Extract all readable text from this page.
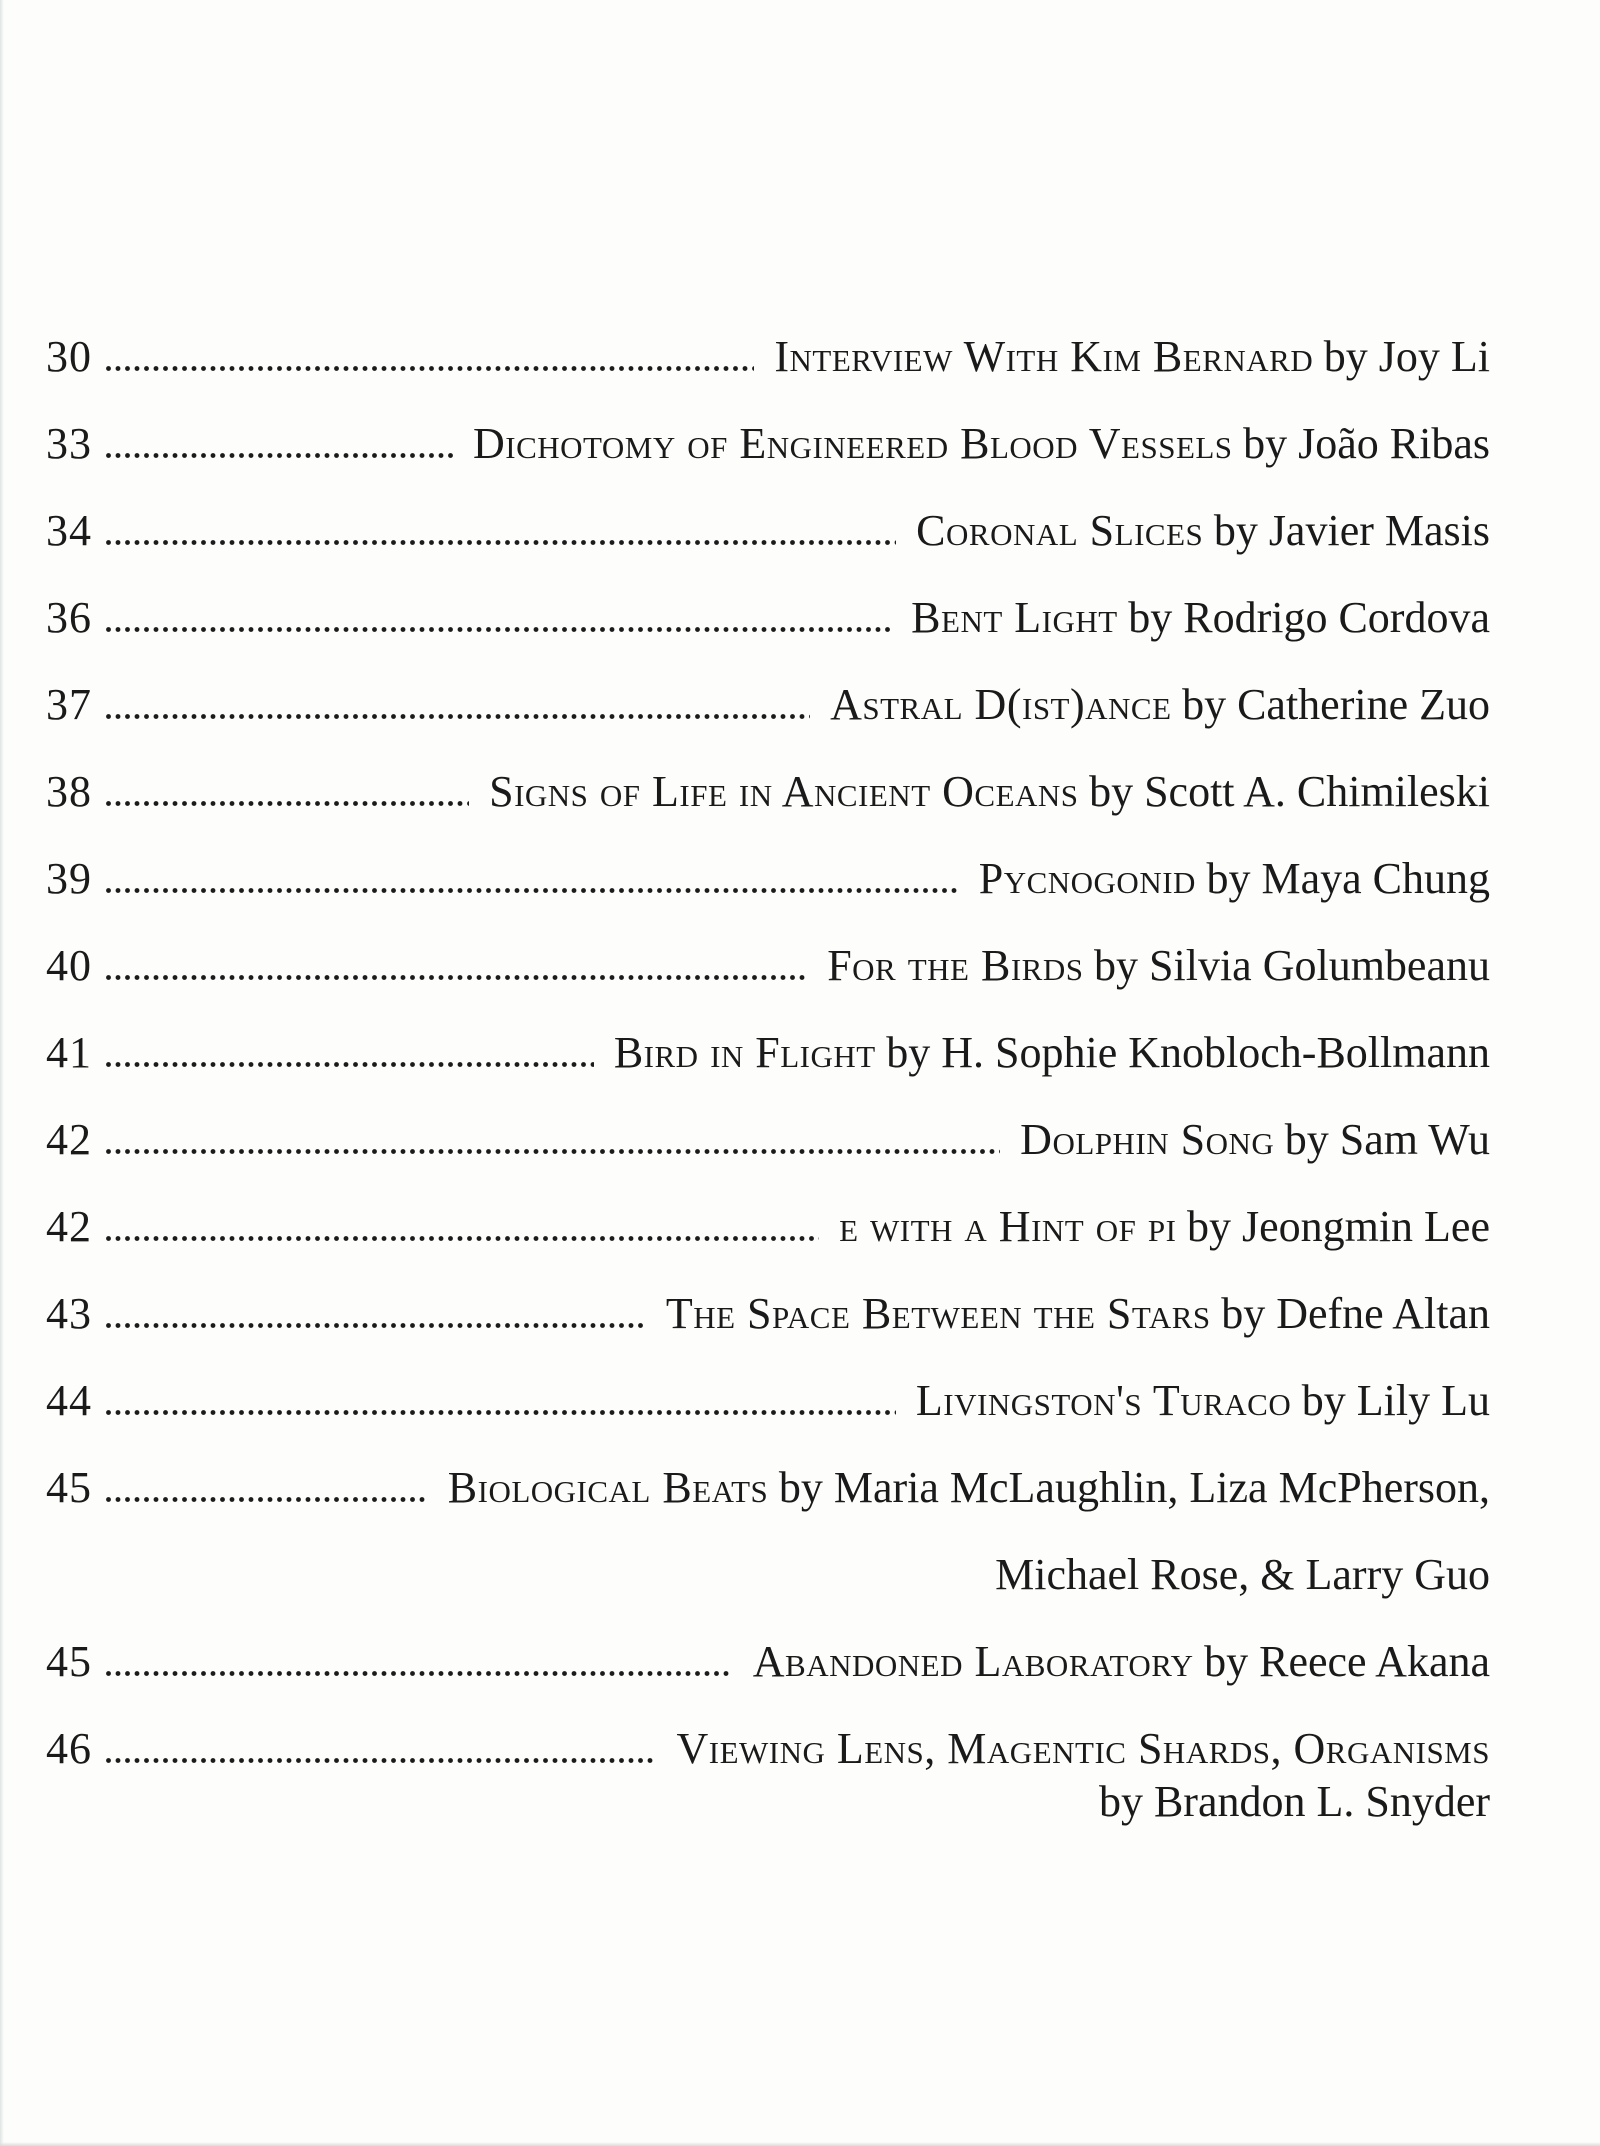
30	Interview With Kim Bernard by Joy Li
33	Dichotomy of Engineered Blood Vessels by João Ribas
34	Coronal Slices by Javier Masis
36	Bent Light by Rodrigo Cordova
37	Astral D(ist)ance by Catherine Zuo
38	Signs of Life in Ancient Oceans by Scott A. Chimileski
39	Pycnogonid by Maya Chung
40	For the Birds by Silvia Golumbeanu
41	Bird in Flight by H. Sophie Knobloch-Bollmann
42	Dolphin Song by Sam Wu
42	e with a Hint of pi by Jeongmin Lee
43	The Space Between the Stars by Defne Altan
44	Livingston's Turaco by Lily Lu
45	Biological Beats by Maria McLaughlin, Liza McPherson,
Michael Rose, & Larry Guo
45	Abandoned Laboratory by Reece Akana
46	Viewing Lens, Magentic Shards, Organisms
by Brandon L. Snyder
